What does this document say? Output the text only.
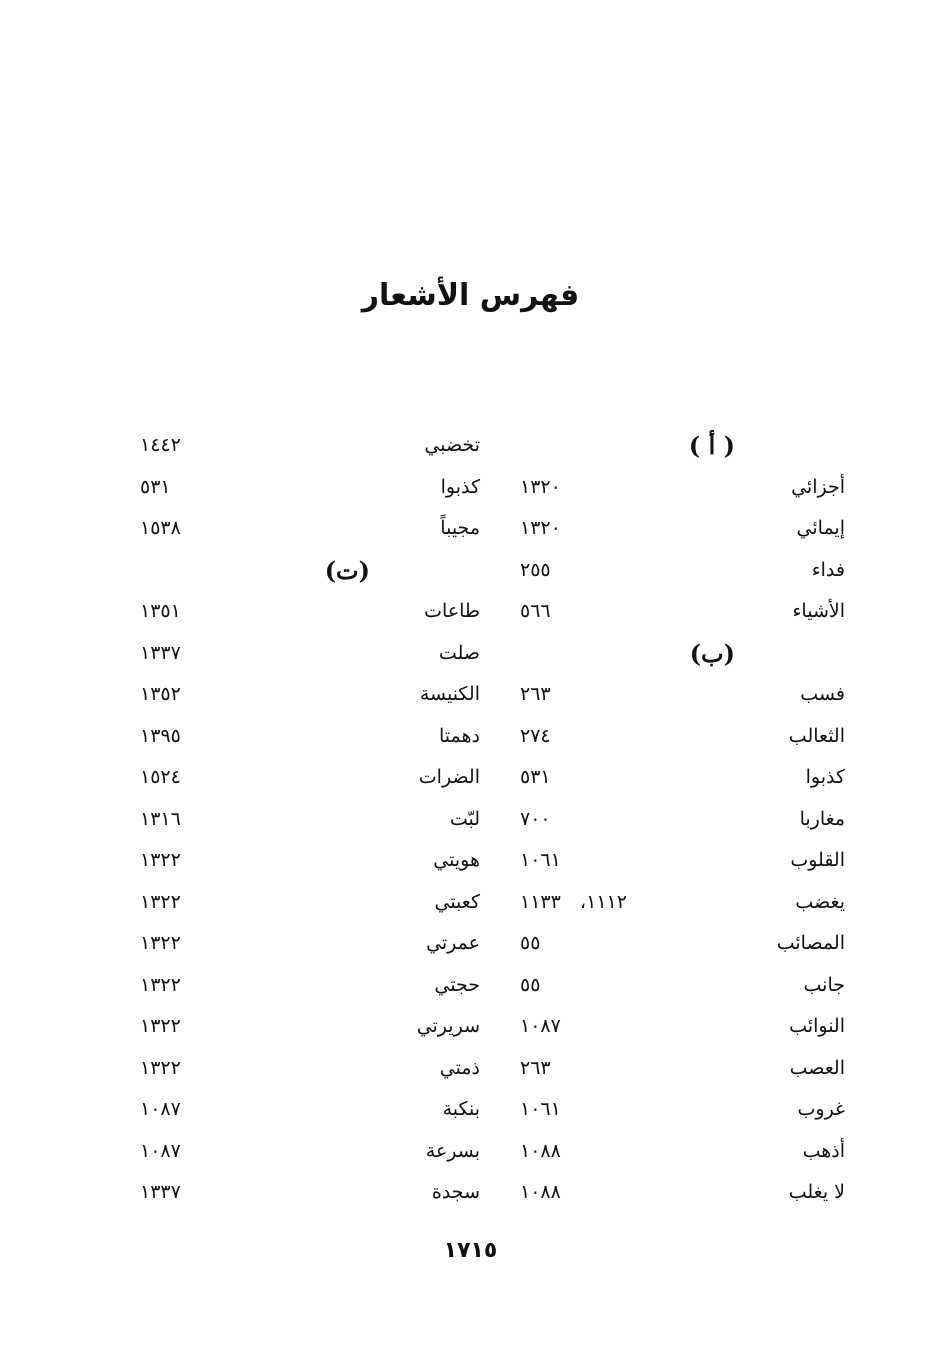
فهرس الأشعار
( أ )
أجزائي
١٣٢٠
إيمائي
١٣٢٠
فداء
٢٥٥
الأشياء
٥٦٦
(ب)
فسب
٢٦٣
الثعالب
٢٧٤
كذبوا
٥٣١
مغاربا
٧٠٠
القلوب
١٠٦١
يغضب
١١٣٣ ١١١٢،
المصائب
٥٥
جانب
٥٥
النوائب
١٠٨٧
العصب
٢٦٣
غروب
١٠٦١
أذهب
١٠٨٨
لا يغلب
١٠٨٨
تخضبي
١٤٤٢
كذبوا
٥٣١
مجيباً
١٥٣٨
(ت)
طاعات
١٣٥١
صلت
١٣٣٧
الكنيسة
١٣٥٢
دهمتا
١٣٩٥
الضرات
١٥٢٤
لبّت
١٣١٦
هويتي
١٣٢٢
كعبتي
١٣٢٢
عمرتي
١٣٢٢
حجتي
١٣٢٢
سريرتي
١٣٢٢
ذمتي
١٣٢٢
بنكبة
١٠٨٧
بسرعة
١٠٨٧
سجدة
١٣٣٧
١٧١٥
